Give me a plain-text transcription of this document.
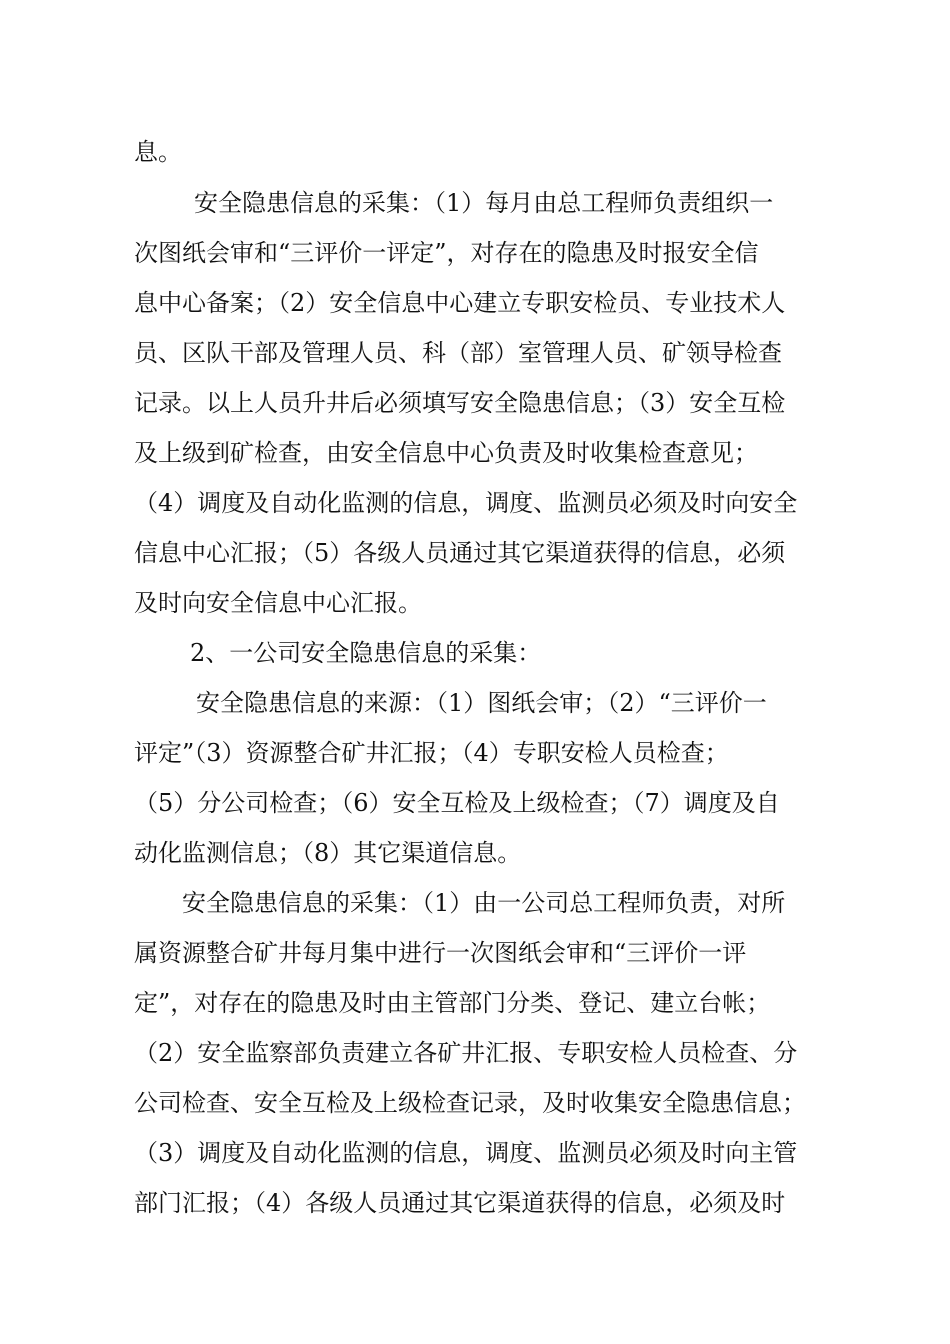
息。
　安全隐患信息的采集：（1）每月由总工程师负责组织一
次图纸会审和“三评价一评定”，对存在的隐患及时报安全信
息中心备案；（2）安全信息中心建立专职安检员、专业技术人
员、区队干部及管理人员、科（部）室管理人员、矿领导检查
记录。以上人员升井后必须填写安全隐患信息；（3）安全互检
及上级到矿检查，由安全信息中心负责及时收集检查意见；
（4）调度及自动化监测的信息，调度、监测员必须及时向安全
信息中心汇报；（5）各级人员通过其它渠道获得的信息，必须
及时向安全信息中心汇报。
2、一公司安全隐患信息的采集：
安全隐患信息的来源：（1）图纸会审；（2）“三评价一
评定”（3）资源整合矿井汇报；（4）专职安检人员检查；
（5）分公司检查；（6）安全互检及上级检查；（7）调度及自
动化监测信息；（8）其它渠道信息。
安全隐患信息的采集：（1）由一公司总工程师负责，对所
属资源整合矿井每月集中进行一次图纸会审和“三评价一评
定”，对存在的隐患及时由主管部门分类、登记、建立台帐；
（2）安全监察部负责建立各矿井汇报、专职安检人员检查、分
公司检查、安全互检及上级检查记录，及时收集安全隐患信息；
（3）调度及自动化监测的信息，调度、监测员必须及时向主管
部门汇报；（4）各级人员通过其它渠道获得的信息，必须及时
